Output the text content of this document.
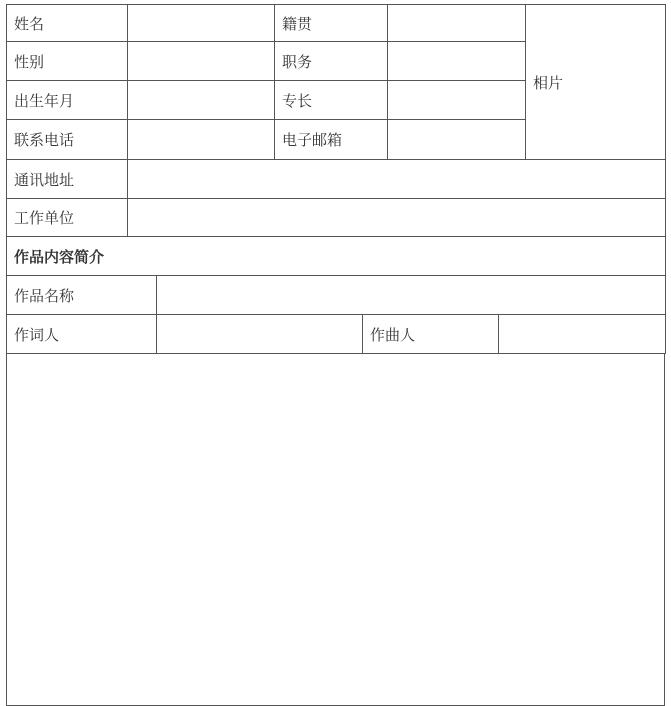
姓名		籍贯		相片
性别		职务		
出生年月		专长		
联系电话		电子邮箱		
通讯地址				
工作单位				
作品内容简介				
作品名称			
作词人		作曲人	
